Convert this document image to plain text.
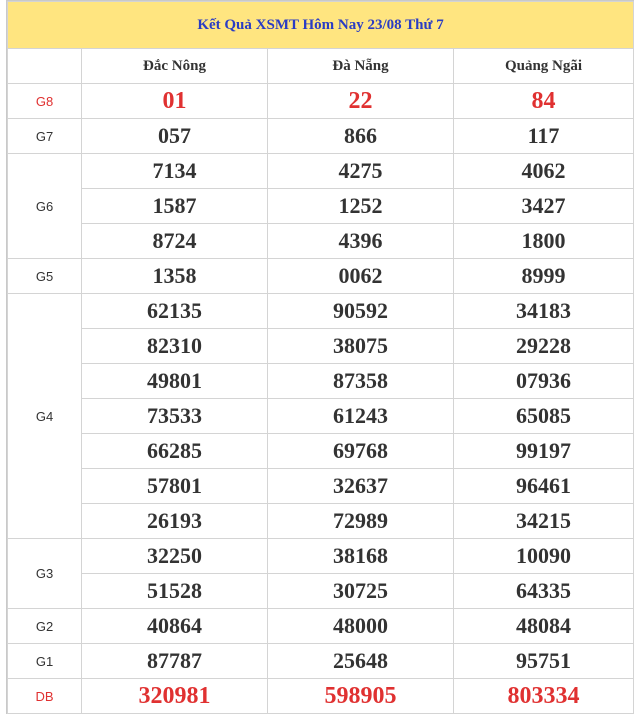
Kết Quả XSMT Hôm Nay 23/08 Thứ 7			
	Đắc Nông	Đà Nẵng	Quảng Ngãi
G8	01	22	84
G7	057	866	117
G6	7134	4275	4062
	1587	1252	3427
	8724	4396	1800
G5	1358	0062	8999
G4	62135	90592	34183
	82310	38075	29228
	49801	87358	07936
	73533	61243	65085
	66285	69768	99197
	57801	32637	96461
	26193	72989	34215
G3	32250	38168	10090
	51528	30725	64335
G2	40864	48000	48084
G1	87787	25648	95751
DB	320981	598905	803334
